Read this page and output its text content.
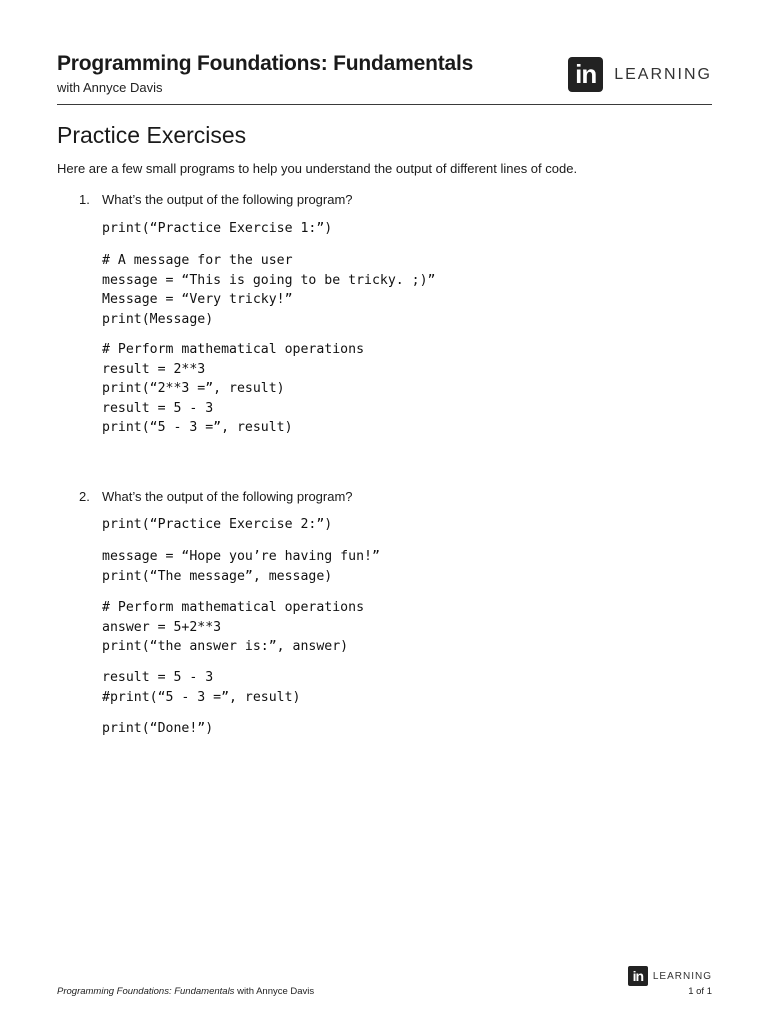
Programming Foundations: Fundamentals
with Annyce Davis	in	LEARNING
Practice Exercises
Here are a few small programs to help you understand the output of different lines of code.
1. What’s the output of the following program?
print(“Practice Exercise 1:”)
# A message for the user
message = “This is going to be tricky. ;)”
Message = “Very tricky!”
print(Message)
# Perform mathematical operations
result = 2**3
print(“2**3 =”, result)
result = 5 - 3
print(“5 - 3 =”, result)
2. What’s the output of the following program?
print(“Practice Exercise 2:”)
message = “Hope you’re having fun!”
print(“The message”, message)
# Perform mathematical operations
answer = 5+2**3
print(“the answer is:”, answer)
result = 5 - 3
#print(“5 - 3 =”, result)
print(“Done!”)
Programming Foundations: Fundamentals with Annyce Davis
in LEARNING
1 of 1
